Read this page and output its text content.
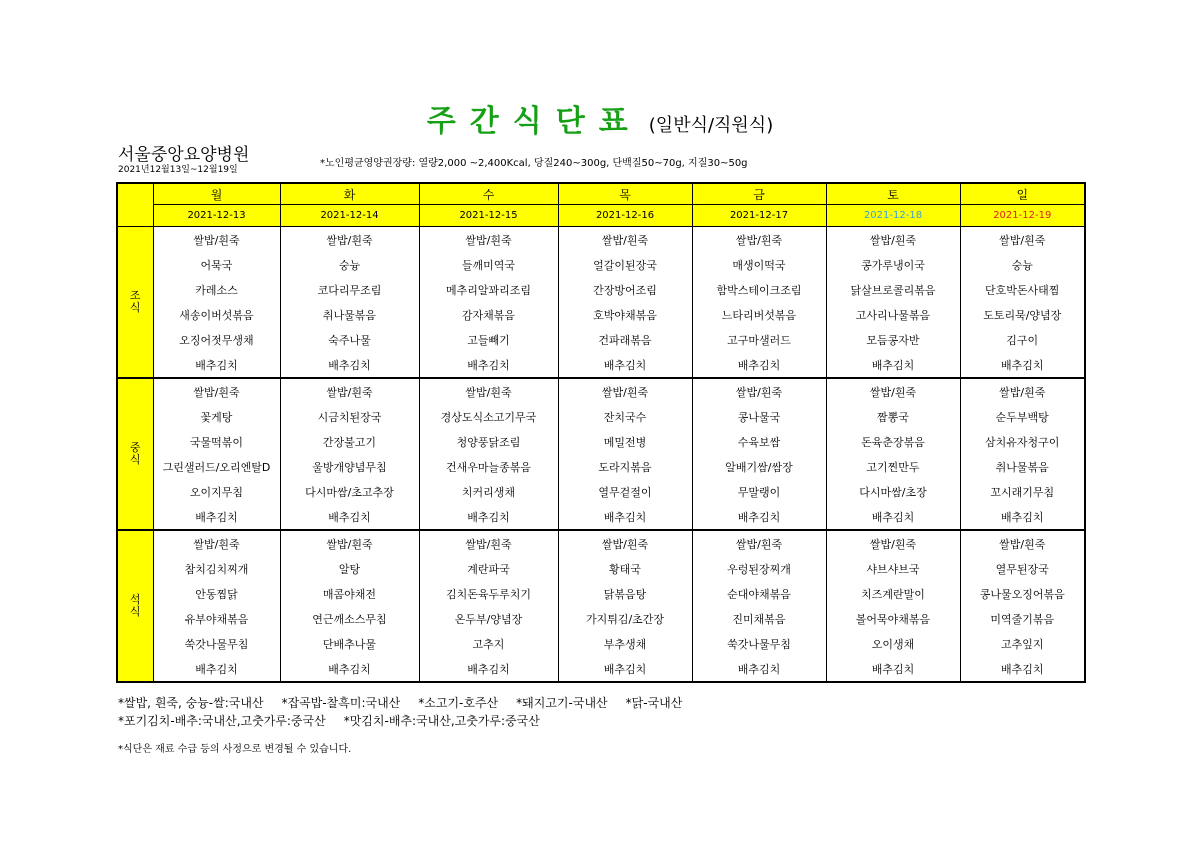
주간식단표 (일반식/직원식)
서울중앙요양병원
2021년12월13일~12월19일
*노인평균영양권장량: 열량2,000 ~2,400Kcal, 당질240~300g, 단백질50~70g, 지질30~50g
	월	화	수	목	금	토	일
	2021-12-13	2021-12-14	2021-12-15	2021-12-16	2021-12-17	2021-12-18	2021-12-19
조
식	쌀밥/흰죽	쌀밥/흰죽	쌀밥/흰죽	쌀밥/흰죽	쌀밥/흰죽	쌀밥/흰죽	쌀밥/흰죽
	어묵국	숭늉	들깨미역국	얼갈이된장국	매생이떡국	콩가루냉이국	숭늉
	카레소스	코다리무조림	메추리알꽈리조림	간장방어조림	함박스테이크조림	닭살브로콜리볶음	단호박돈사태찜
	새송이버섯볶음	취나물볶음	감자채볶음	호박야채볶음	느타리버섯볶음	고사리나물볶음	도토리묵/양념장
	오징어젓무생채	숙주나물	고들빼기	건파래볶음	고구마샐러드	모듬콩자반	김구이
	배추김치	배추김치	배추김치	배추김치	배추김치	배추김치	배추김치
중
식	쌀밥/흰죽	쌀밥/흰죽	쌀밥/흰죽	쌀밥/흰죽	쌀밥/흰죽	쌀밥/흰죽	쌀밥/흰죽
	꽃게탕	시금치된장국	경상도식소고기무국	잔치국수	콩나물국	짬뽕국	순두부백탕
	국물떡볶이	간장불고기	청양풍닭조림	메밀전병	수육보쌈	돈육춘장볶음	삼치유자청구이
	그린샐러드/오리엔탈D	울방개양념무침	건새우마늘종볶음	도라지볶음	알배기쌈/쌈장	고기찐만두	취나물볶음
	오이지무침	다시마쌈/초고추장	치커리생채	열무겉절이	무말랭이	다시마쌈/초장	꼬시래기무침
	배추김치	배추김치	배추김치	배추김치	배추김치	배추김치	배추김치
석
식	쌀밥/흰죽	쌀밥/흰죽	쌀밥/흰죽	쌀밥/흰죽	쌀밥/흰죽	쌀밥/흰죽	쌀밥/흰죽
	참치김치찌개	알탕	계란파국	황태국	우렁된장찌개	샤브샤브국	열무된장국
	안동찜닭	매콤야채전	김치돈육두루치기	닭볶음탕	순대야채볶음	치즈계란말이	콩나물오징어볶음
	유부야채볶음	연근깨소스무침	온두부/양념장	가지튀김/초간장	진미채볶음	볼어묵야채볶음	미역줄기볶음
	쑥갓나물무침	단배추나물	고추지	부추생채	쑥갓나물무침	오이생채	고추잎지
	배추김치	배추김치	배추김치	배추김치	배추김치	배추김치	배추김치
*쌀밥, 흰죽, 숭늉-쌀:국내산 *잡곡밥-찰흑미:국내산 *소고기-호주산 *돼지고기-국내산 *닭-국내산
*포기김치-배추:국내산,고춧가루:중국산 *맛김치-배추:국내산,고춧가루:중국산
*식단은 재료 수급 등의 사정으로 변경될 수 있습니다.
